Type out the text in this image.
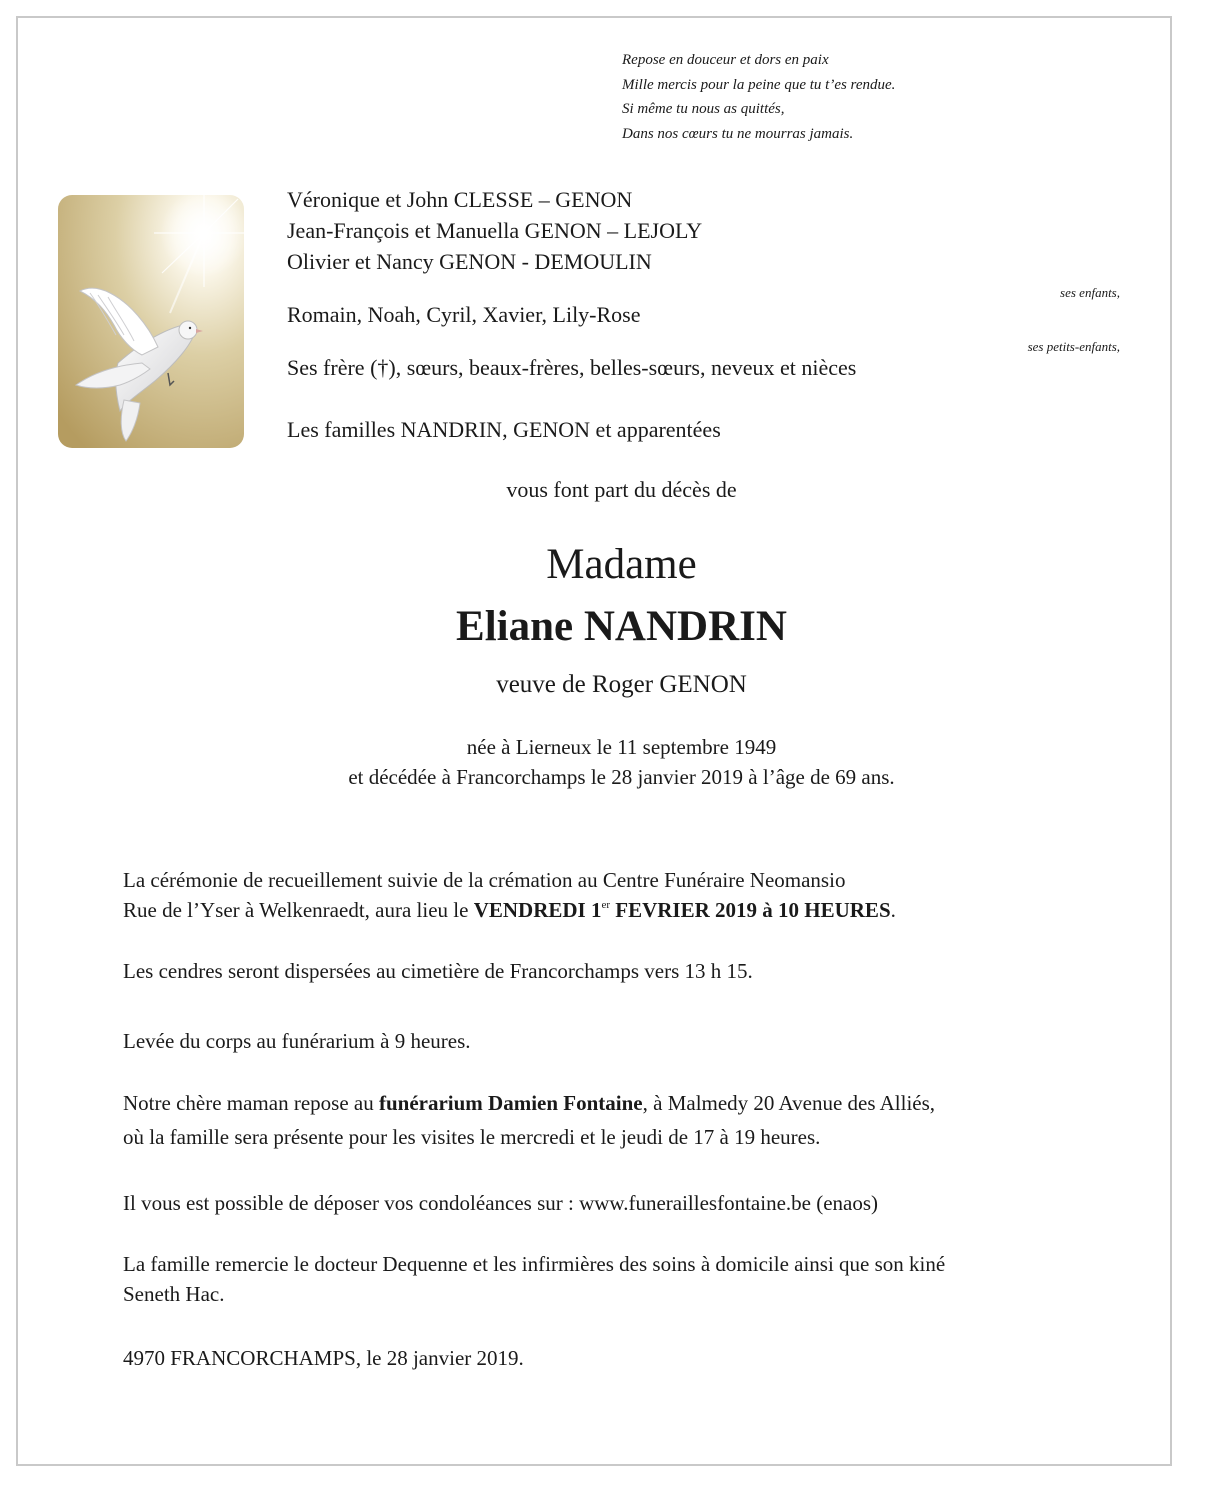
Repose en douceur et dors en paix
Mille mercis pour la peine que tu t’es rendue.
Si même tu nous as quittés,
Dans nos cœurs tu ne mourras jamais.
Véronique et John CLESSE – GENON
Jean-François et Manuella GENON – LEJOLY
Olivier et Nancy GENON - DEMOULIN
ses enfants,
Romain, Noah, Cyril, Xavier, Lily-Rose
ses petits-enfants,
Ses frère (†), sœurs, beaux-frères, belles-sœurs, neveux et nièces
Les familles NANDRIN, GENON et apparentées
vous font part du décès de
Madame
Eliane NANDRIN
veuve de Roger GENON
née à Lierneux le 11 septembre 1949
et décédée à Francorchamps le 28 janvier 2019 à l’âge de 69 ans.
La cérémonie de recueillement suivie de la crémation au Centre Funéraire Neomansio
Rue de l’Yser à Welkenraedt, aura lieu le VENDREDI 1er FEVRIER 2019 à 10 HEURES.
Les cendres seront dispersées au cimetière de Francorchamps vers 13 h 15.
Levée du corps au funérarium à 9 heures.
Notre chère maman repose au funérarium Damien Fontaine, à Malmedy 20 Avenue des Alliés,
où la famille sera présente pour les visites le mercredi et le jeudi de 17 à 19 heures.
Il vous est possible de déposer vos condoléances sur : www.funeraillesfontaine.be (enaos)
La famille remercie le docteur Dequenne et les infirmières des soins à domicile ainsi que son kiné
Seneth Hac.
4970 FRANCORCHAMPS, le 28 janvier 2019.
